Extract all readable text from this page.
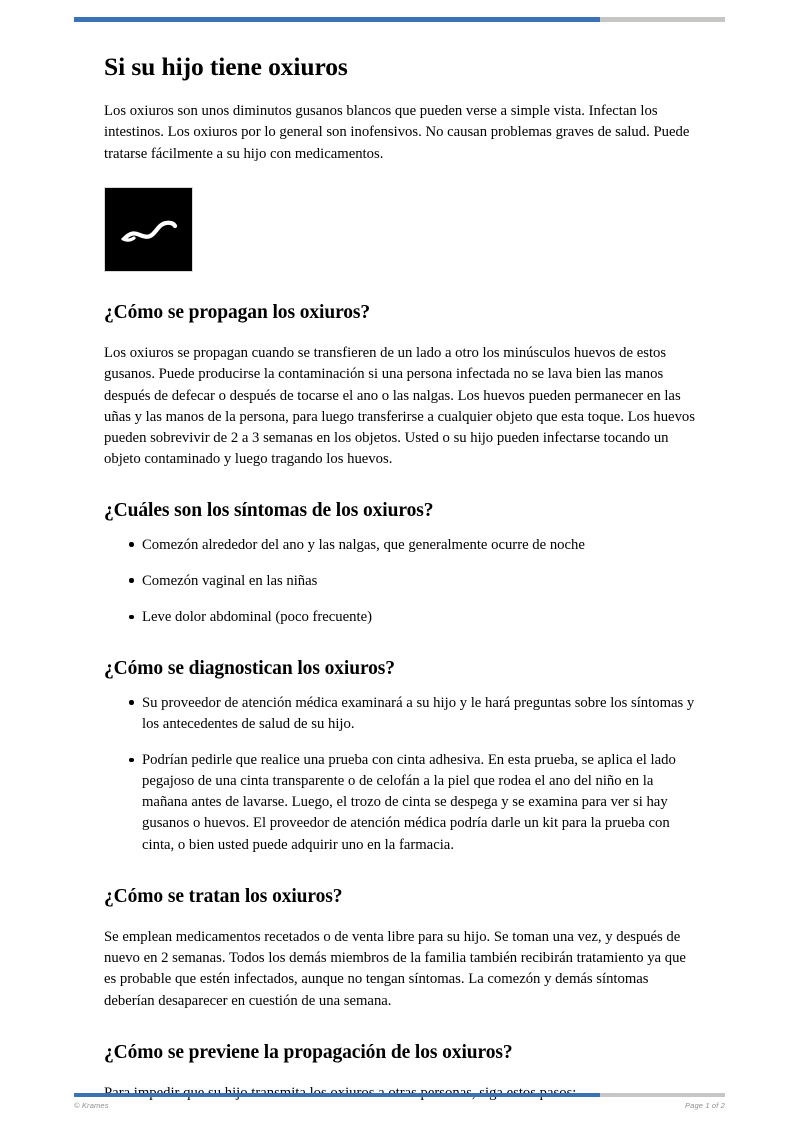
Si su hijo tiene oxiuros

Los oxiuros son unos diminutos gusanos blancos que pueden verse a simple vista. Infectan los intestinos. Los oxiuros por lo general son inofensivos. No causan problemas graves de salud. Puede tratarse fácilmente a su hijo con medicamentos.

¿Cómo se propagan los oxiuros?

Los oxiuros se propagan cuando se transfieren de un lado a otro los minúsculos huevos de estos gusanos. Puede producirse la contaminación si una persona infectada no se lava bien las manos después de defecar o después de tocarse el ano o las nalgas. Los huevos pueden permanecer en las uñas y las manos de la persona, para luego transferirse a cualquier objeto que esta toque. Los huevos pueden sobrevivir de 2 a 3 semanas en los objetos. Usted o su hijo pueden infectarse tocando un objeto contaminado y luego tragando los huevos.

¿Cuáles son los síntomas de los oxiuros?
Comezón alrededor del ano y las nalgas, que generalmente ocurre de noche
Comezón vaginal en las niñas
Leve dolor abdominal (poco frecuente)
¿Cómo se diagnostican los oxiuros?
Su proveedor de atención médica examinará a su hijo y le hará preguntas sobre los síntomas y los antecedentes de salud de su hijo.
Podrían pedirle que realice una prueba con cinta adhesiva. En esta prueba, se aplica el lado pegajoso de una cinta transparente o de celofán a la piel que rodea el ano del niño en la mañana antes de lavarse. Luego, el trozo de cinta se despega y se examina para ver si hay gusanos o huevos. El proveedor de atención médica podría darle un kit para la prueba con cinta, o bien usted puede adquirir uno en la farmacia.
¿Cómo se tratan los oxiuros?

Se emplean medicamentos recetados o de venta libre para su hijo. Se toman una vez, y después de nuevo en 2 semanas. Todos los demás miembros de la familia también recibirán tratamiento ya que es probable que estén infectados, aunque no tengan síntomas. La comezón y demás síntomas deberían desaparecer en cuestión de una semana.

¿Cómo se previene la propagación de los oxiuros?

© Krames	Page 1 of 2
